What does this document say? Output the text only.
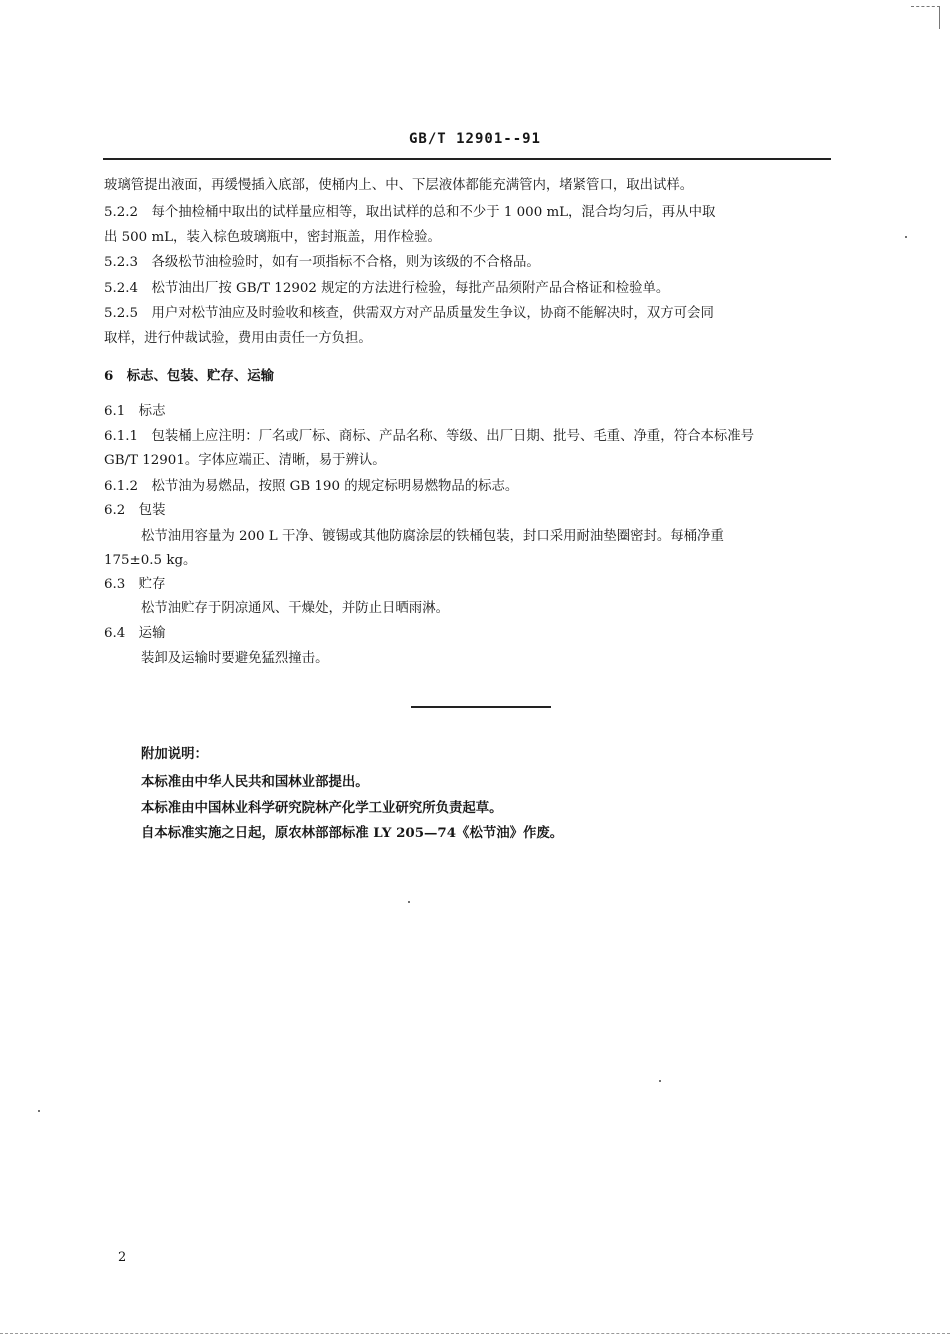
GB/T 12901--91
玻璃管提出液面，再缓慢插入底部，使桶内上、中、下层液体都能充满管内，堵紧管口，取出试样。
5.2.2　每个抽检桶中取出的试样量应相等，取出试样的总和不少于 1 000 mL，混合均匀后，再从中取
出 500 mL，装入棕色玻璃瓶中，密封瓶盖，用作检验。
5.2.3　各级松节油检验时，如有一项指标不合格，则为该级的不合格品。
5.2.4　松节油出厂按 GB/T 12902 规定的方法进行检验，每批产品须附产品合格证和检验单。
5.2.5　用户对松节油应及时验收和核查，供需双方对产品质量发生争议，协商不能解决时，双方可会同
取样，进行仲裁试验，费用由责任一方负担。
6　标志、包装、贮存、运输
6.1　标志
6.1.1　包装桶上应注明：厂名或厂标、商标、产品名称、等级、出厂日期、批号、毛重、净重，符合本标准号
GB/T 12901。字体应端正、清晰，易于辨认。
6.1.2　松节油为易燃品，按照 GB 190 的规定标明易燃物品的标志。
6.2　包装
松节油用容量为 200 L 干净、镀锡或其他防腐涂层的铁桶包装，封口采用耐油垫圈密封。每桶净重
175±0.5 kg。
6.3　贮存
松节油贮存于阴凉通风、干燥处，并防止日晒雨淋。
6.4　运输
装卸及运输时要避免猛烈撞击。
附加说明：
本标准由中华人民共和国林业部提出。
本标准由中国林业科学研究院林产化学工业研究所负责起草。
自本标准实施之日起，原农林部部标准 LY 205—74《松节油》作废。
2
